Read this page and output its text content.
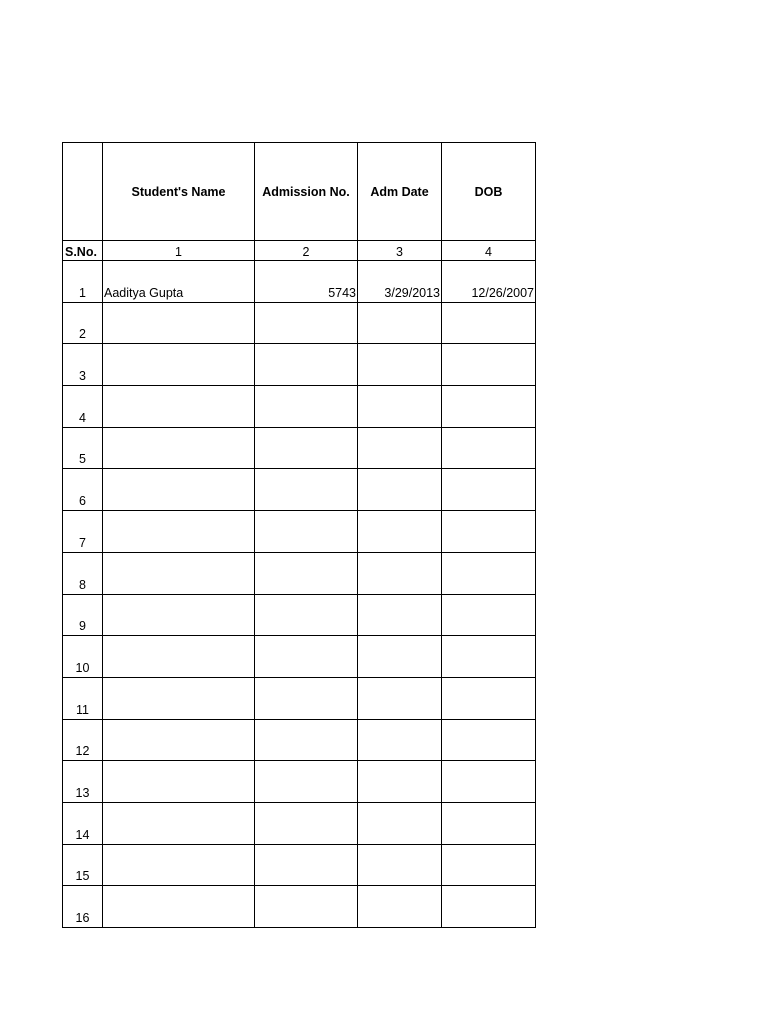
	Student's Name	Admission No.	Adm Date	DOB
S.No.	1	2	3	4
1	Aaditya Gupta	5743	3/29/2013	12/26/2007
2				
3				
4				
5				
6				
7				
8				
9				
10				
11				
12				
13				
14				
15				
16				
